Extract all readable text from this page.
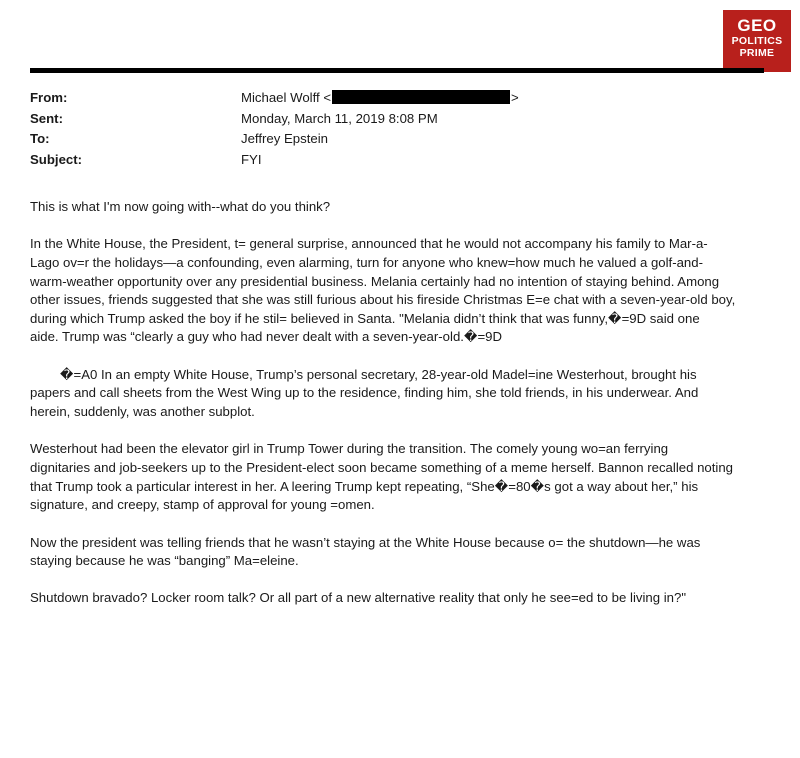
GEO
POLITICS
PRIME
From:	Michael Wolff <	>
Sent:	Monday, March 11, 2019 8:08 PM
To:	Jeffrey Epstein
Subject:	FYI

This is what I'm now going with--what do you think?

In the White House, the President, t= general surprise, announced that he would not accompany his family to Mar-a-
Lago ov=r the holidays—a confounding, even alarming, turn for anyone who knew=how much he valued a golf-and-
warm-weather opportunity over any presidential business. Melania certainly had no intention of staying behind. Among
other issues, friends suggested that she was still furious about his fireside Christmas E=e chat with a seven-year-old boy,
during which Trump asked the boy if he stil= believed in Santa. "Melania didn’t think that was funny,�=9D said one
aide. Trump was “clearly a guy who had never dealt with a seven-year-old.�=9D

�=A0 In an empty White House, Trump’s personal secretary, 28-year-old Madel=ine Westerhout, brought his
papers and call sheets from the West Wing up to the residence, finding him, she told friends, in his underwear. And
herein, suddenly, was another subplot.

Westerhout had been the elevator girl in Trump Tower during the transition. The comely young wo=an ferrying
dignitaries and job-seekers up to the President-elect soon became something of a meme herself. Bannon recalled noting
that Trump took a particular interest in her. A leering Trump kept repeating, “She�=80�s got a way about her,” his
signature, and creepy, stamp of approval for young =omen.

Now the president was telling friends that he wasn’t staying at the White House because o= the shutdown—he was
staying because he was “banging” Ma=eleine.

Shutdown bravado? Locker room talk? Or all part of a new alternative reality that only he see=ed to be living in?"
